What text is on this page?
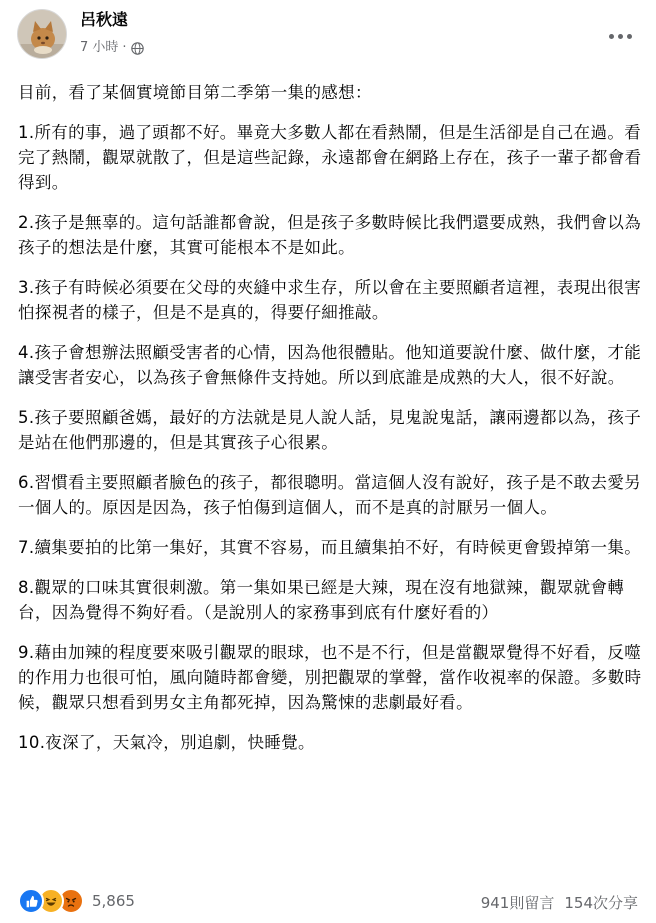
呂秋遠
7 小時 ·

目前，看了某個實境節目第二季第一集的感想：

1.所有的事，過了頭都不好。畢竟大多數人都在看熱鬧，但是生活卻是自己在過。看完了熱鬧，觀眾就散了，但是這些記錄，永遠都會在網路上存在，孩子一輩子都會看得到。

2.孩子是無辜的。這句話誰都會說，但是孩子多數時候比我們還要成熟，我們會以為孩子的想法是什麼，其實可能根本不是如此。

3.孩子有時候必須要在父母的夾縫中求生存，所以會在主要照顧者這裡，表現出很害怕探視者的樣子，但是不是真的，得要仔細推敲。

4.孩子會想辦法照顧受害者的心情，因為他很體貼。他知道要說什麼、做什麼，才能讓受害者安心，以為孩子會無條件支持她。所以到底誰是成熟的大人，很不好說。

5.孩子要照顧爸媽，最好的方法就是見人說人話，見鬼說鬼話，讓兩邊都以為，孩子是站在他們那邊的，但是其實孩子心很累。

6.習慣看主要照顧者臉色的孩子，都很聰明。當這個人沒有說好，孩子是不敢去愛另一個人的。原因是因為，孩子怕傷到這個人，而不是真的討厭另一個人。

7.續集要拍的比第一集好，其實不容易，而且續集拍不好，有時候更會毀掉第一集。

8.觀眾的口味其實很刺激。第一集如果已經是大辣，現在沒有地獄辣，觀眾就會轉台，因為覺得不夠好看。（是說別人的家務事到底有什麼好看的）

9.藉由加辣的程度要來吸引觀眾的眼球，也不是不行，但是當觀眾覺得不好看，反噬的作用力也很可怕，風向隨時都會變，別把觀眾的掌聲，當作收視率的保證。多數時候，觀眾只想看到男女主角都死掉，因為驚悚的悲劇最好看。

10.夜深了，天氣冷，別追劇，快睡覺。

5,865	941則留言 154次分享
